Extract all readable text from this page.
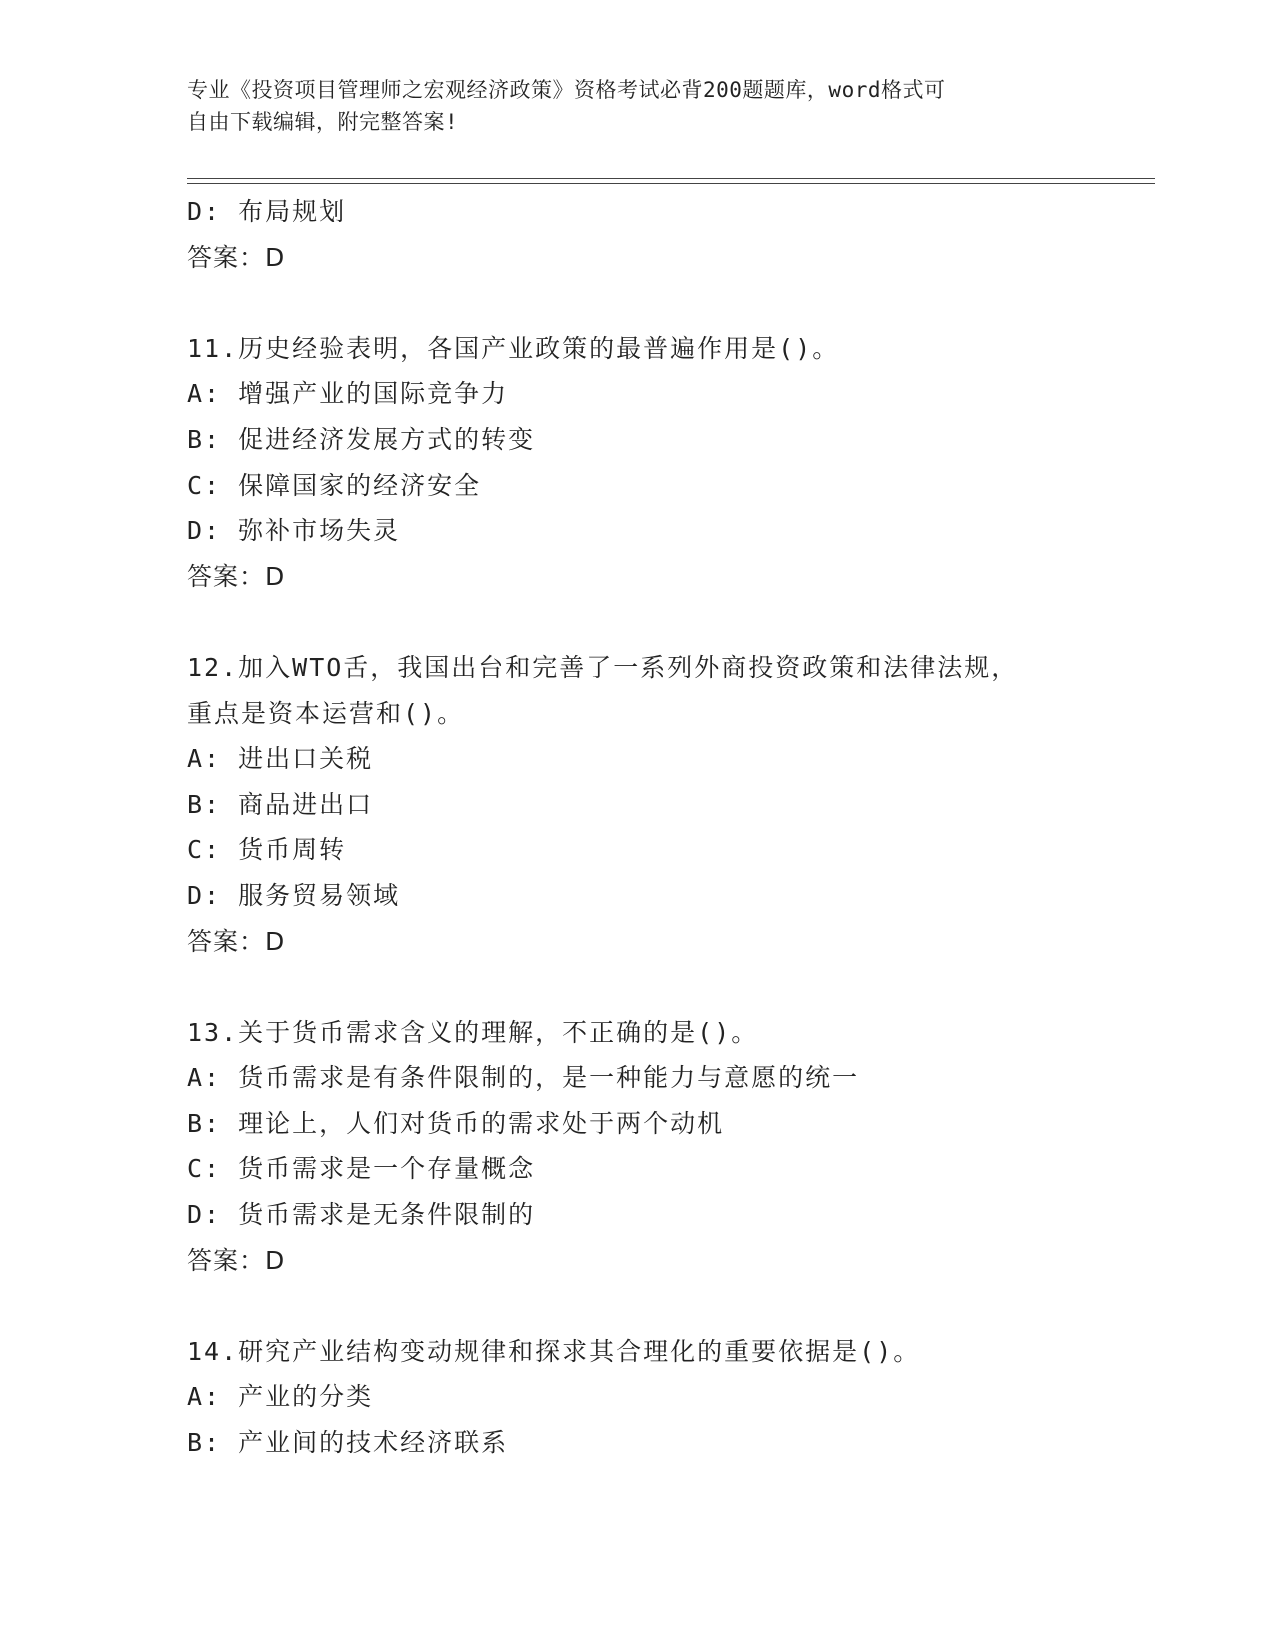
专业《投资项目管理师之宏观经济政策》资格考试必背200题题库，word格式可
自由下载编辑，附完整答案!
D: 布局规划
答案：D
11.历史经验表明，各国产业政策的最普遍作用是()。
A: 增强产业的国际竞争力
B: 促进经济发展方式的转变
C: 保障国家的经济安全
D: 弥补市场失灵
答案：D
12.加入WTO舌，我国出台和完善了一系列外商投资政策和法律法规，
重点是资本运营和()。
A: 进出口关税
B: 商品进出口
C: 货币周转
D: 服务贸易领域
答案：D
13.关于货币需求含义的理解，不正确的是()。
A: 货币需求是有条件限制的，是一种能力与意愿的统一
B: 理论上，人们对货币的需求处于两个动机
C: 货币需求是一个存量概念
D: 货币需求是无条件限制的
答案：D
14.研究产业结构变动规律和探求其合理化的重要依据是()。
A: 产业的分类
B: 产业间的技术经济联系
